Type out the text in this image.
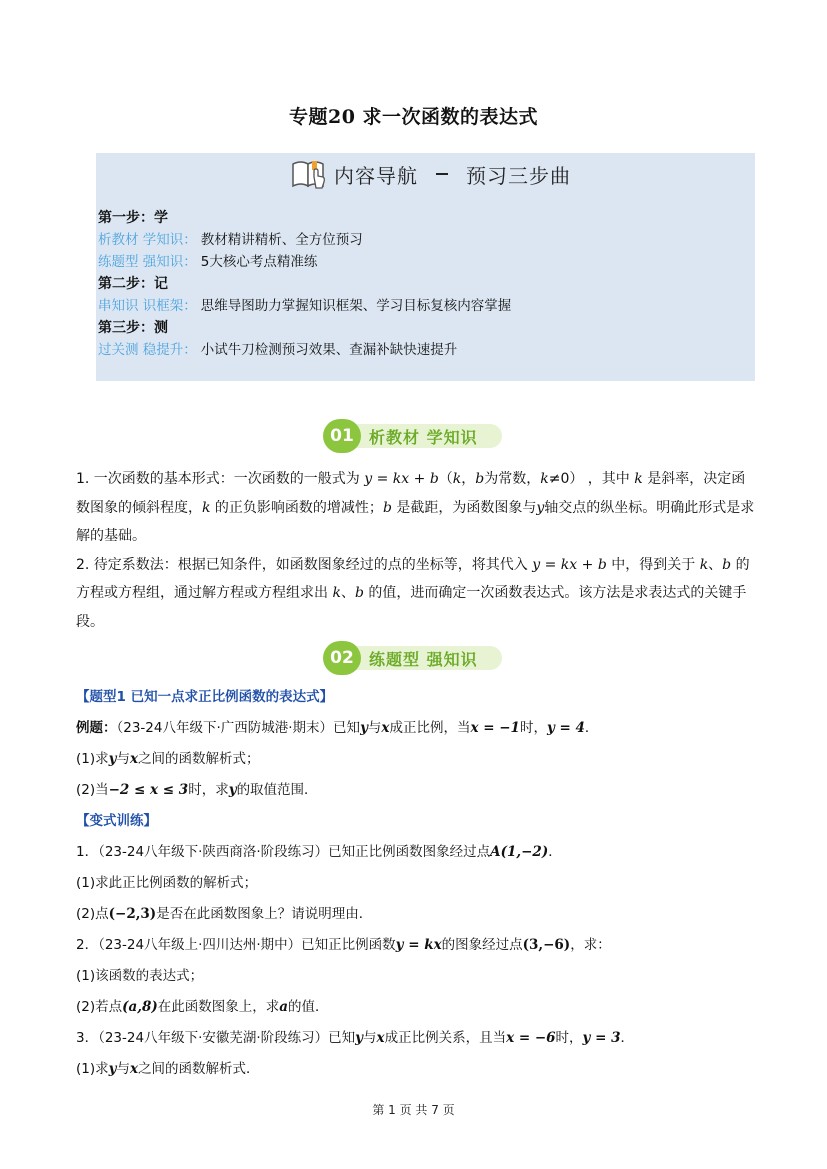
专题20 求一次函数的表达式
内容导航 预习三步曲
第一步：学
析教材 学知识： 教材精讲精析、全方位预习
练题型 强知识： 5大核心考点精准练
第二步：记
串知识 识框架： 思维导图助力掌握知识框架、学习目标复核内容掌握
第三步：测
过关测 稳提升： 小试牛刀检测预习效果、查漏补缺快速提升
01 析教材 学知识

1. 一次函数的基本形式：一次函数的一般式为 y = kx + b（k，b为常数，k≠0） ，其中 k 是斜率，决定函数图象的倾斜程度，k 的正负影响函数的增减性；b 是截距，为函数图象与y轴交点的纵坐标。明确此形式是求解的基础。

2. 待定系数法：根据已知条件，如函数图象经过的点的坐标等，将其代入 y = kx + b 中，得到关于 k、b 的方程或方程组，通过解方程或方程组求出 k、b 的值，进而确定一次函数表达式。该方法是求表达式的关键手段。

02 练题型 强知识
【题型1 已知一点求正比例函数的表达式】
例题：（23-24八年级下·广西防城港·期末）已知y与x成正比例，当x = −1时，y = 4．
(1)求y与x之间的函数解析式；
(2)当−2 ≤ x ≤ 3时，求y的取值范围．
【变式训练】
1．（23-24八年级下·陕西商洛·阶段练习）已知正比例函数图象经过点A(1,−2)．
(1)求此正比例函数的解析式；
(2)点(−2,3)是否在此函数图象上？请说明理由．
2．（23-24八年级上·四川达州·期中）已知正比例函数y = kx的图象经过点(3,−6)，求：
(1)该函数的表达式；
(2)若点(a,8)在此函数图象上，求a的值．
3．（23-24八年级下·安徽芜湖·阶段练习）已知y与x成正比例关系，且当x = −6时，y = 3．
(1)求y与x之间的函数解析式．
第 1 页 共 7 页
